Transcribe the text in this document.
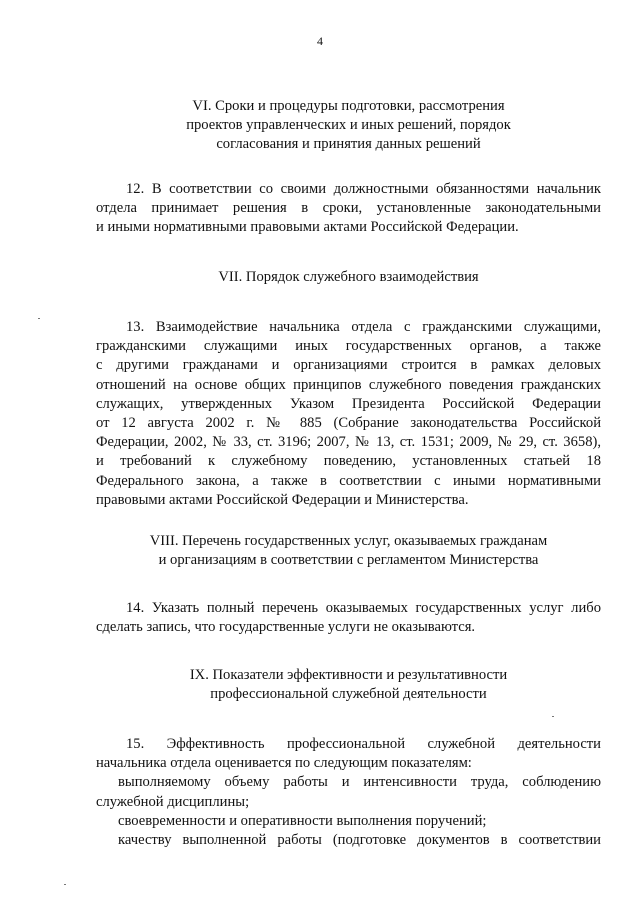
4
VI. Сроки и процедуры подготовки, рассмотрения
проектов управленческих и иных решений, порядок
согласования и принятия данных решений
12. В соответствии со своими должностными обязанностями начальник
отдела принимает решения в сроки, установленные законодательными
и иными нормативными правовыми актами Российской Федерации.
VII. Порядок служебного взаимодействия
13. Взаимодействие начальника отдела с гражданскими служащими,
гражданскими служащими иных государственных органов, а также
с другими гражданами и организациями строится в рамках деловых
отношений на основе общих принципов служебного поведения гражданских
служащих, утвержденных Указом Президента Российской Федерации
от 12 августа 2002 г. № 885 (Собрание законодательства Российской
Федерации, 2002, № 33, ст. 3196; 2007, № 13, ст. 1531; 2009, № 29, ст. 3658),
и требований к служебному поведению, установленных статьей 18
Федерального закона, а также в соответствии с иными нормативными
правовыми актами Российской Федерации и Министерства.
VIII. Перечень государственных услуг, оказываемых гражданам
и организациям в соответствии с регламентом Министерства
14. Указать полный перечень оказываемых государственных услуг либо
сделать запись, что государственные услуги не оказываются.
IX. Показатели эффективности и результативности
профессиональной служебной деятельности
15. Эффективность профессиональной служебной деятельности
начальника отдела оценивается по следующим показателям:
выполняемому объему работы и интенсивности труда, соблюдению
служебной дисциплины;
своевременности и оперативности выполнения поручений;
качеству выполненной работы (подготовке документов в соответствии
